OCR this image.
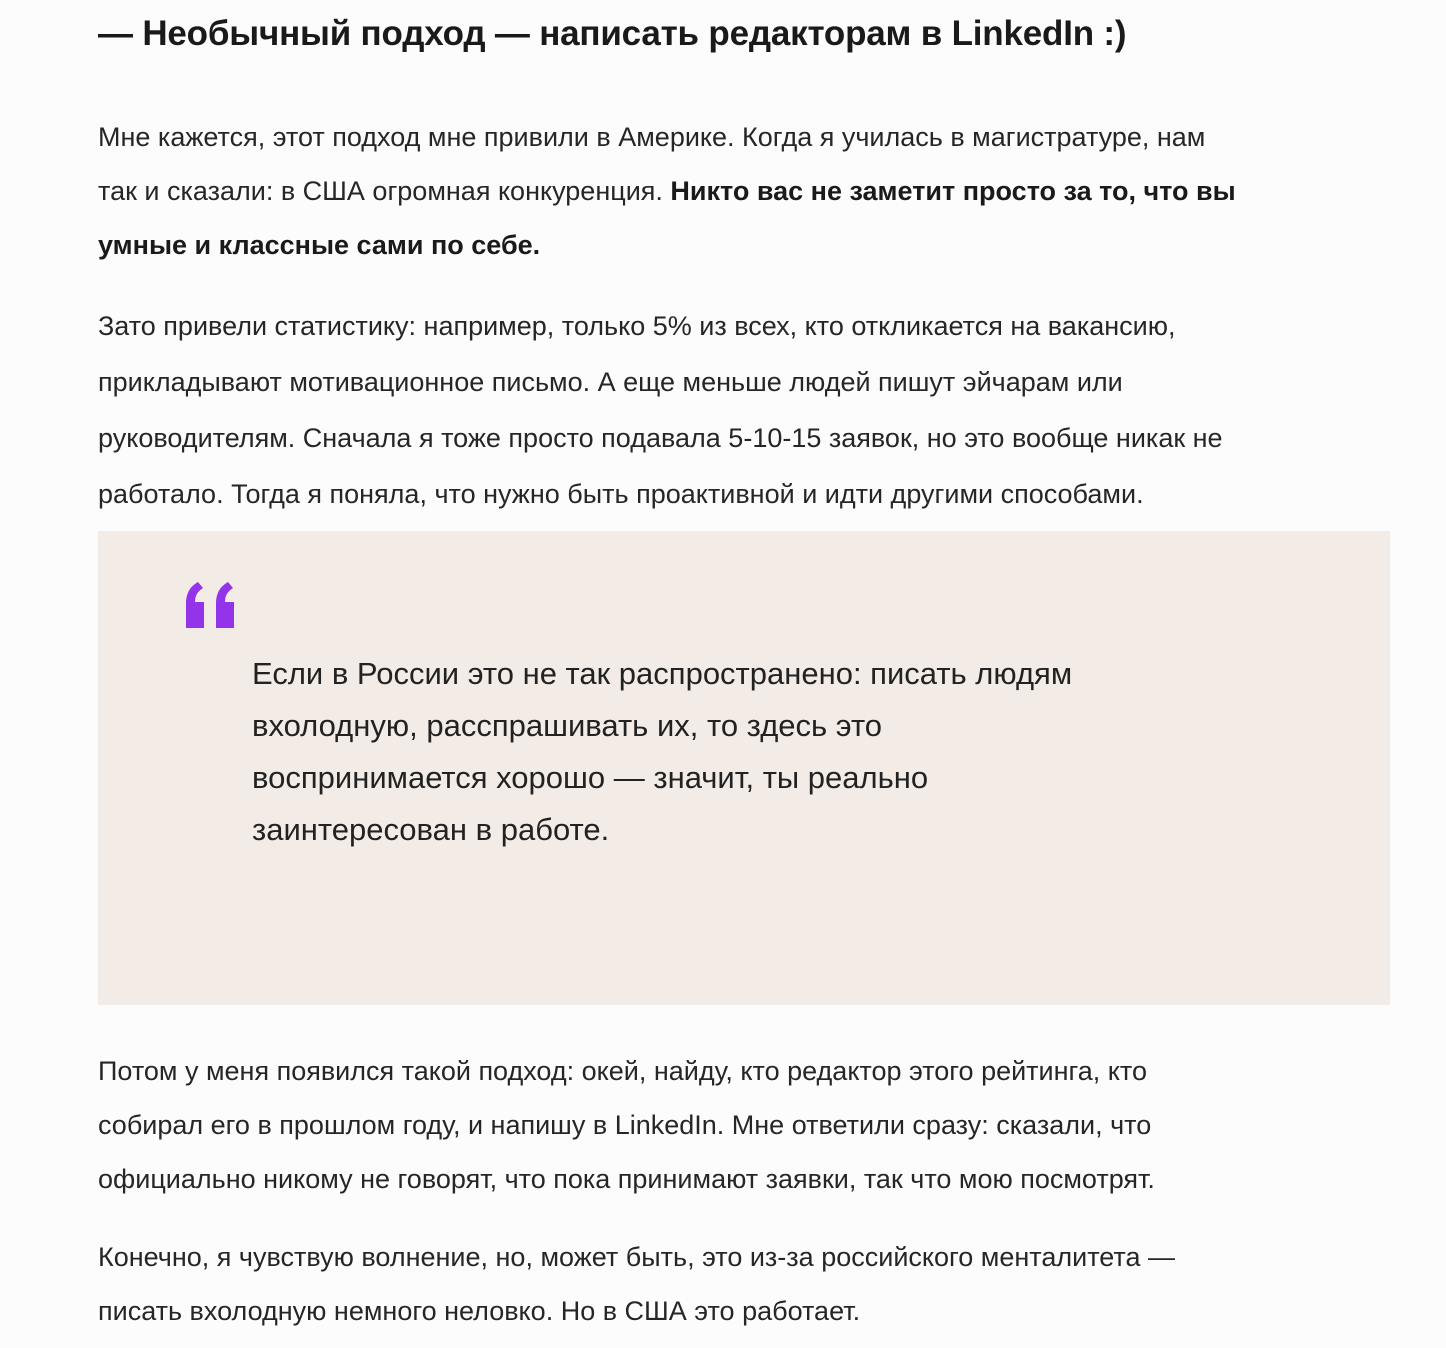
— Необычный подход — написать редакторам в LinkedIn :)

Мне кажется, этот подход мне привили в Америке. Когда я училась в магистратуре, нам
так и сказали: в США огромная конкуренция. Никто вас не заметит просто за то, что вы
умные и классные сами по себе.

Зато привели статистику: например, только 5% из всех, кто откликается на вакансию,
прикладывают мотивационное письмо. А еще меньше людей пишут эйчарам или
руководителям. Сначала я тоже просто подавала 5-10-15 заявок, но это вообще никак не
работало. Тогда я поняла, что нужно быть проактивной и идти другими способами.

Если в России это не так распространено: писать людям
вхолодную, расспрашивать их, то здесь это
воспринимается хорошо — значит, ты реально
заинтересован в работе.

Потом у меня появился такой подход: окей, найду, кто редактор этого рейтинга, кто
собирал его в прошлом году, и напишу в LinkedIn. Мне ответили сразу: сказали, что
официально никому не говорят, что пока принимают заявки, так что мою посмотрят.

Конечно, я чувствую волнение, но, может быть, это из-за российского менталитета —
писать вхолодную немного неловко. Но в США это работает.
